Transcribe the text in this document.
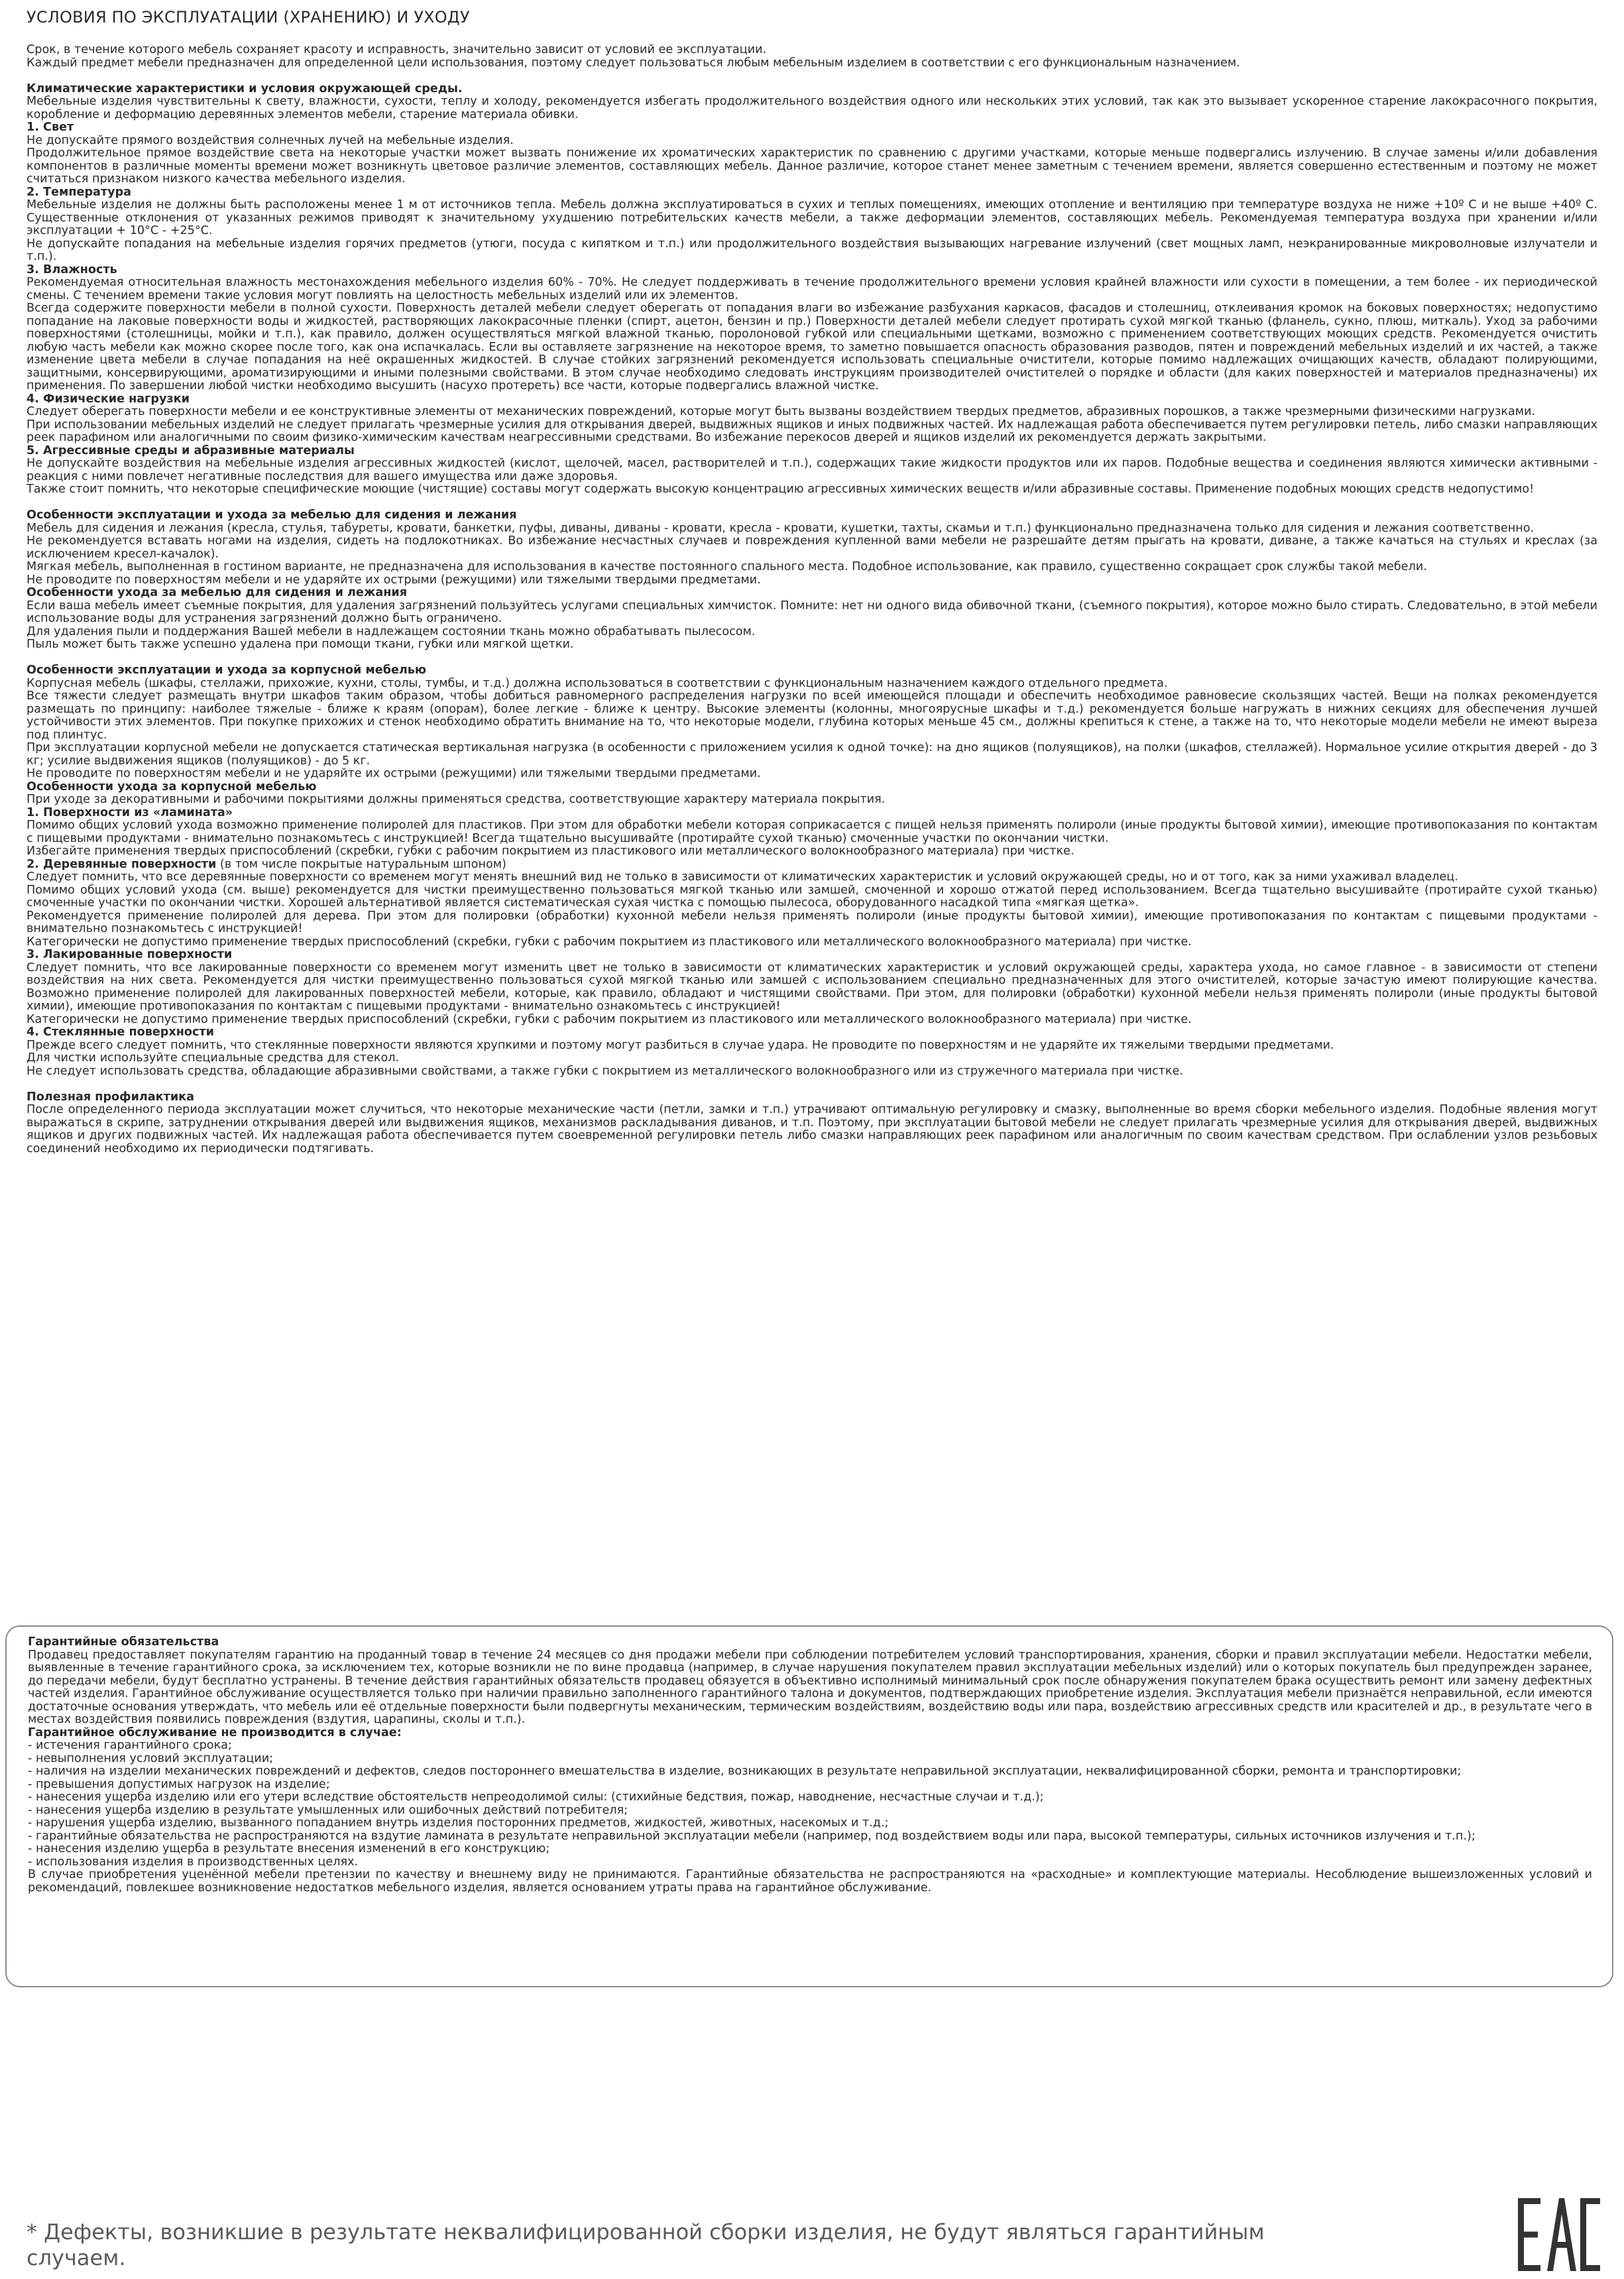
УСЛОВИЯ ПО ЭКСПЛУАТАЦИИ (ХРАНЕНИЮ) И УХОДУ

Срок, в течение которого мебель сохраняет красоту и исправность, значительно зависит от условий ее эксплуатации.

Каждый предмет мебели предназначен для определенной цели использования, поэтому следует пользоваться любым мебельным изделием в соответствии с его функциональным назначением.

Климатические характеристики и условия окружающей среды.

Мебельные изделия чувствительны к свету, влажности, сухости, теплу и холоду, рекомендуется избегать продолжительного воздействия одного или нескольких этих условий, так как это вызывает ускоренное старение лакокрасочного покрытия, коробление и деформацию деревянных элементов мебели, старение материала обивки.

1. Свет

Не допускайте прямого воздействия солнечных лучей на мебельные изделия.

Продолжительное прямое воздействие света на некоторые участки может вызвать понижение их хроматических характеристик по сравнению с другими участками, которые меньше подвергались излучению. В случае замены и/или добавления компонентов в различные моменты времени может возникнуть цветовое различие элементов, составляющих мебель. Данное различие, которое станет менее заметным с течением времени, является совершенно естественным и поэтому не может считаться признаком низкого качества мебельного изделия.

2. Температура

Мебельные изделия не должны быть расположены менее 1 м от источников тепла. Мебель должна эксплуатироваться в сухих и теплых помещениях, имеющих отопление и вентиляцию при температуре воздуха не ниже +10º С и не выше +40º С. Существенные отклонения от указанных режимов приводят к значительному ухудшению потребительских качеств мебели, а также деформации элементов, составляющих мебель. Рекомендуемая температура воздуха при хранении и/или эксплуатации + 10°С - +25°С.

Не допускайте попадания на мебельные изделия горячих предметов (утюги, посуда с кипятком и т.п.) или продолжительного воздействия вызывающих нагревание излучений (свет мощных ламп, неэкранированные микроволновые излучатели и т.п.).

3. Влажность

Рекомендуемая относительная влажность местонахождения мебельного изделия 60% - 70%. Не следует поддерживать в течение продолжительного времени условия крайней влажности или сухости в помещении, а тем более - их периодической смены. С течением времени такие условия могут повлиять на целостность мебельных изделий или их элементов.

Всегда содержите поверхности мебели в полной сухости. Поверхность деталей мебели следует оберегать от попадания влаги во избежание разбухания каркасов, фасадов и столешниц, отклеивания кромок на боковых поверхностях; недопустимо попадание на лаковые поверхности воды и жидкостей, растворяющих лакокрасочные пленки (спирт, ацетон, бензин и пр.) Поверхности деталей мебели следует протирать сухой мягкой тканью (фланель, сукно, плюш, миткаль). Уход за рабочими поверхностями (столешницы, мойки и т.п.), как правило, должен осуществляться мягкой влажной тканью, поролоновой губкой или специальными щетками, возможно с применением соответствующих моющих средств. Рекомендуется очистить любую часть мебели как можно скорее после того, как она испачкалась. Если вы оставляете загрязнение на некоторое время, то заметно повышается опасность образования разводов, пятен и повреждений мебельных изделий и их частей, а также изменение цвета мебели в случае попадания на неё окрашенных жидкостей. В случае стойких загрязнений рекомендуется использовать специальные очистители, которые помимо надлежащих очищающих качеств, обладают полирующими, защитными, консервирующими, ароматизирующими и иными полезными свойствами. В этом случае необходимо следовать инструкциям производителей очистителей о порядке и области (для каких поверхностей и материалов предназначены) их применения. По завершении любой чистки необходимо высушить (насухо протереть) все части, которые подвергались влажной чистке.

4. Физические нагрузки

Следует оберегать поверхности мебели и ее конструктивные элементы от механических повреждений, которые могут быть вызваны воздействием твердых предметов, абразивных порошков, а также чрезмерными физическими нагрузками.

При использовании мебельных изделий не следует прилагать чрезмерные усилия для открывания дверей, выдвижных ящиков и иных подвижных частей. Их надлежащая работа обеспечивается путем регулировки петель, либо смазки направляющих реек парафином или аналогичными по своим физико-химическим качествам неагрессивными средствами. Во избежание перекосов дверей и ящиков изделий их рекомендуется держать закрытыми.

5. Агрессивные среды и абразивные материалы

Не допускайте воздействия на мебельные изделия агрессивных жидкостей (кислот, щелочей, масел, растворителей и т.п.), содержащих такие жидкости продуктов или их паров. Подобные вещества и соединения являются химически активными - реакция с ними повлечет негативные последствия для вашего имущества или даже здоровья.

Также стоит помнить, что некоторые специфические моющие (чистящие) составы могут содержать высокую концентрацию агрессивных химических веществ и/или абразивные составы. Применение подобных моющих средств недопустимо!

Особенности эксплуатации и ухода за мебелью для сидения и лежания

Мебель для сидения и лежания (кресла, стулья, табуреты, кровати, банкетки, пуфы, диваны, диваны - кровати, кресла - кровати, кушетки, тахты, скамьи и т.п.) функционально предназначена только для сидения и лежания соответственно.

Не рекомендуется вставать ногами на изделия, сидеть на подлокотниках. Во избежание несчастных случаев и повреждения купленной вами мебели не разрешайте детям прыгать на кровати, диване, а также качаться на стульях и креслах (за исключением кресел-качалок).

Мягкая мебель, выполненная в гостином варианте, не предназначена для использования в качестве постоянного спального места. Подобное использование, как правило, существенно сокращает срок службы такой мебели.

Не проводите по поверхностям мебели и не ударяйте их острыми (режущими) или тяжелыми твердыми предметами.

Особенности ухода за мебелью для сидения и лежания

Если ваша мебель имеет съемные покрытия, для удаления загрязнений пользуйтесь услугами специальных химчисток. Помните: нет ни одного вида обивочной ткани, (съемного покрытия), которое можно было стирать. Следовательно, в этой мебели использование воды для устранения загрязнений должно быть ограничено.

Для удаления пыли и поддержания Вашей мебели в надлежащем состоянии ткань можно обрабатывать пылесосом.

Пыль может быть также успешно удалена при помощи ткани, губки или мягкой щетки.

Особенности эксплуатации и ухода за корпусной мебелью

Корпусная мебель (шкафы, стеллажи, прихожие, кухни, столы, тумбы, и т.д.) должна использоваться в соответствии с функциональным назначением каждого отдельного предмета.

Все тяжести следует размещать внутри шкафов таким образом, чтобы добиться равномерного распределения нагрузки по всей имеющейся площади и обеспечить необходимое равновесие скользящих частей. Вещи на полках рекомендуется размещать по принципу: наиболее тяжелые - ближе к краям (опорам), более легкие - ближе к центру. Высокие элементы (колонны, многоярусные шкафы и т.д.) рекомендуется больше нагружать в нижних секциях для обеспечения лучшей устойчивости этих элементов. При покупке прихожих и стенок необходимо обратить внимание на то, что некоторые модели, глубина которых меньше 45 см., должны крепиться к стене, а также на то, что некоторые модели мебели не имеют выреза под плинтус.

При эксплуатации корпусной мебели не допускается статическая вертикальная нагрузка (в особенности с приложением усилия к одной точке): на дно ящиков (полуящиков), на полки (шкафов, стеллажей). Нормальное усилие открытия дверей - до 3 кг; усилие выдвижения ящиков (полуящиков) - до 5 кг.

Не проводите по поверхностям мебели и не ударяйте их острыми (режущими) или тяжелыми твердыми предметами.

Особенности ухода за корпусной мебелью

При уходе за декоративными и рабочими покрытиями должны применяться средства, соответствующие характеру материала покрытия.

1. Поверхности из «ламината»

Помимо общих условий ухода возможно применение полиролей для пластиков. При этом для обработки мебели которая соприкасается с пищей нельзя применять полироли (иные продукты бытовой химии), имеющие противопоказания по контактам с пищевыми продуктами - внимательно познакомьтесь с инструкцией! Всегда тщательно высушивайте (протирайте сухой тканью) смоченные участки по окончании чистки.

Избегайте применения твердых приспособлений (скребки, губки с рабочим покрытием из пластикового или металлического волокнообразного материала) при чистке.

2. Деревянные поверхности (в том числе покрытые натуральным шпоном)

Следует помнить, что все деревянные поверхности со временем могут менять внешний вид не только в зависимости от климатических характеристик и условий окружающей среды, но и от того, как за ними ухаживал владелец.

Помимо общих условий ухода (см. выше) рекомендуется для чистки преимущественно пользоваться мягкой тканью или замшей, смоченной и хорошо отжатой перед использованием. Всегда тщательно высушивайте (протирайте сухой тканью) смоченные участки по окончании чистки. Хорошей альтернативой является систематическая сухая чистка с помощью пылесоса, оборудованного насадкой типа «мягкая щетка».

Рекомендуется применение полиролей для дерева. При этом для полировки (обработки) кухонной мебели нельзя применять полироли (иные продукты бытовой химии), имеющие противопоказания по контактам с пищевыми продуктами - внимательно познакомьтесь с инструкцией!

Категорически не допустимо применение твердых приспособлений (скребки, губки с рабочим покрытием из пластикового или металлического волокнообразного материала) при чистке.

3. Лакированные поверхности

Следует помнить, что все лакированные поверхности со временем могут изменить цвет не только в зависимости от климатических характеристик и условий окружающей среды, характера ухода, но самое главное - в зависимости от степени воздействия на них света. Рекомендуется для чистки преимущественно пользоваться сухой мягкой тканью или замшей с использованием специально предназначенных для этого очистителей, которые зачастую имеют полирующие качества. Возможно применение полиролей для лакированных поверхностей мебели, которые, как правило, обладают и чистящими свойствами. При этом, для полировки (обработки) кухонной мебели нельзя применять полироли (иные продукты бытовой химии), имеющие противопоказания по контактам с пищевыми продуктами - внимательно ознакомьтесь с инструкцией!

Категорически не допустимо применение твердых приспособлений (скребки, губки с рабочим покрытием из пластикового или металлического волокнообразного материала) при чистке.

4. Стеклянные поверхности

Прежде всего следует помнить, что стеклянные поверхности являются хрупкими и поэтому могут разбиться в случае удара. Не проводите по поверхностям и не ударяйте их тяжелыми твердыми предметами.

Для чистки используйте специальные средства для стекол.

Не следует использовать средства, обладающие абразивными свойствами, а также губки с покрытием из металлического волокнообразного или из стружечного материала при чистке.

Полезная профилактика

После определенного периода эксплуатации может случиться, что некоторые механические части (петли, замки и т.п.) утрачивают оптимальную регулировку и смазку, выполненные во время сборки мебельного изделия. Подобные явления могут выражаться в скрипе, затруднении открывания дверей или выдвижения ящиков, механизмов раскладывания диванов, и т.п. Поэтому, при эксплуатации бытовой мебели не следует прилагать чрезмерные усилия для открывания дверей, выдвижных ящиков и других подвижных частей. Их надлежащая работа обеспечивается путем своевременной регулировки петель либо смазки направляющих реек парафином или аналогичным по своим качествам средством. При ослаблении узлов резьбовых соединений необходимо их периодически подтягивать.

Гарантийные обязательства

Продавец предоставляет покупателям гарантию на проданный товар в течение 24 месяцев со дня продажи мебели при соблюдении потребителем условий транспортирования, хранения, сборки и правил эксплуатации мебели. Недостатки мебели, выявленные в течение гарантийного срока, за исключением тех, которые возникли не по вине продавца (например, в случае нарушения покупателем правил эксплуатации мебельных изделий) или о которых покупатель был предупрежден заранее, до передачи мебели, будут бесплатно устранены. В течение действия гарантийных обязательств продавец обязуется в объективно исполнимый минимальный срок после обнаружения покупателем брака осуществить ремонт или замену дефектных частей изделия. Гарантийное обслуживание осуществляется только при наличии правильно заполненного гарантийного талона и документов, подтверждающих приобретение изделия. Эксплуатация мебели признаётся неправильной, если имеются достаточные основания утверждать, что мебель или её отдельные поверхности были подвергнуты механическим, термическим воздействиям, воздействию воды или пара, воздействию агрессивных средств или красителей и др., в результате чего в местах воздействия появились повреждения (вздутия, царапины, сколы и т.п.).

Гарантийное обслуживание не производится в случае:

- истечения гарантийного срока;

- невыполнения условий эксплуатации;

- наличия на изделии механических повреждений и дефектов, следов постороннего вмешательства в изделие, возникающих в результате неправильной эксплуатации, неквалифицированной сборки, ремонта и транспортировки;

- превышения допустимых нагрузок на изделие;

- нанесения ущерба изделию или его утери вследствие обстоятельств непреодолимой силы: (стихийные бедствия, пожар, наводнение, несчастные случаи и т.д.);

- нанесения ущерба изделию в результате умышленных или ошибочных действий потребителя;

- нарушения ущерба изделию, вызванного попаданием внутрь изделия посторонних предметов, жидкостей, животных, насекомых и т.д.;

- гарантийные обязательства не распространяются на вздутие ламината в результате неправильной эксплуатации мебели (например, под воздействием воды или пара, высокой температуры, сильных источников излучения и т.п.);

- нанесения изделию ущерба в результате внесения изменений в его конструкцию;

- использования изделия в производственных целях.

В случае приобретения уценённой мебели претензии по качеству и внешнему виду не принимаются. Гарантийные обязательства не распространяются на «расходные» и комплектующие материалы. Несоблюдение вышеизложенных условий и рекомендаций, повлекшее возникновение недостатков мебельного изделия, является основанием утраты права на гарантийное обслуживание.

* Дефекты, возникшие в результате неквалифицированной сборки изделия, не будут являться гарантийным случаем.
